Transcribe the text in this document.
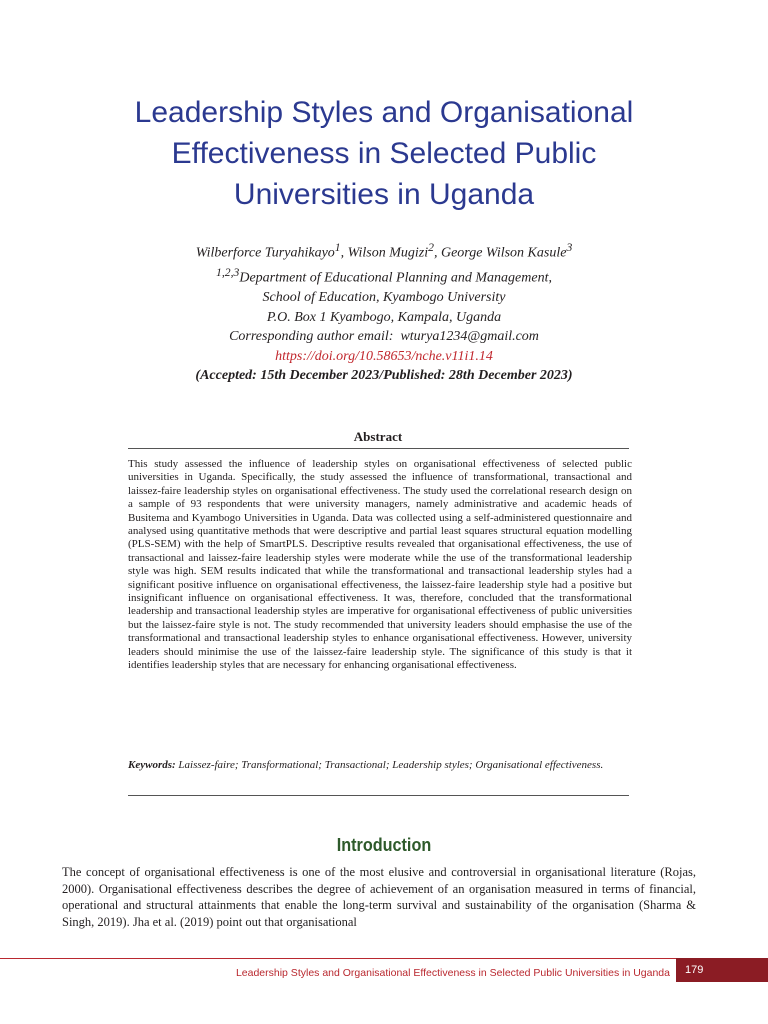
Leadership Styles and Organisational
Effectiveness in Selected Public
Universities in Uganda
Wilberforce Turyahikayo$^1$, Wilson Mugizi$^2$, George Wilson Kasule$^3$
$^{1,2,3}$Department of Educational Planning and Management,
School of Education, Kyambogo University
P.O. Box 1 Kyambogo, Kampala, Uganda
Corresponding author email: wturya1234@gmail.com
https://doi.org/10.58653/nche.v11i1.14
(Accepted: 15th December 2023/Published: 28th December 2023)
Abstract

This study assessed the influence of leadership styles on organisational effectiveness of selected public universities in Uganda. Specifically, the study assessed the influence of transformational, transactional and laissez-faire leadership styles on organisational effectiveness. The study used the correlational research design on a sample of 93 respondents that were university managers, namely administrative and academic heads of Busitema and Kyambogo Universities in Uganda. Data was collected using a self-administered questionnaire and analysed using quantitative methods that were descriptive and partial least squares structural equation modelling (PLS-SEM) with the help of SmartPLS. Descriptive results revealed that organisational effectiveness, the use of transactional and laissez-faire leadership styles were moderate while the use of the transformational leadership style was high. SEM results indicated that while the transformational and transactional leadership styles had a significant positive influence on organisational effectiveness, the laissez-faire leadership style had a positive but insignificant influence on organisational effectiveness. It was, therefore, concluded that the transformational leadership and transactional leadership styles are imperative for organisational effectiveness of public universities but the laissez-faire style is not. The study recommended that university leaders should emphasise the use of the transformational and transactional leadership styles to enhance organisational effectiveness. However, university leaders should minimise the use of the laissez-faire leadership style. The significance of this study is that it identifies leadership styles that are necessary for enhancing organisational effectiveness.

Keywords: Laissez-faire; Transformational; Transactional; Leadership styles; Organisational effectiveness.

Introduction

The concept of organisational effectiveness is one of the most elusive and controversial in organisational literature (Rojas, 2000). Organisational effectiveness describes the degree of achievement of an organisation measured in terms of financial, operational and structural attainments that enable the long-term survival and sustainability of the organisation (Sharma & Singh, 2019). Jha et al. (2019) point out that organisational

Leadership Styles and Organisational Effectiveness in Selected Public Universities in Uganda	179
